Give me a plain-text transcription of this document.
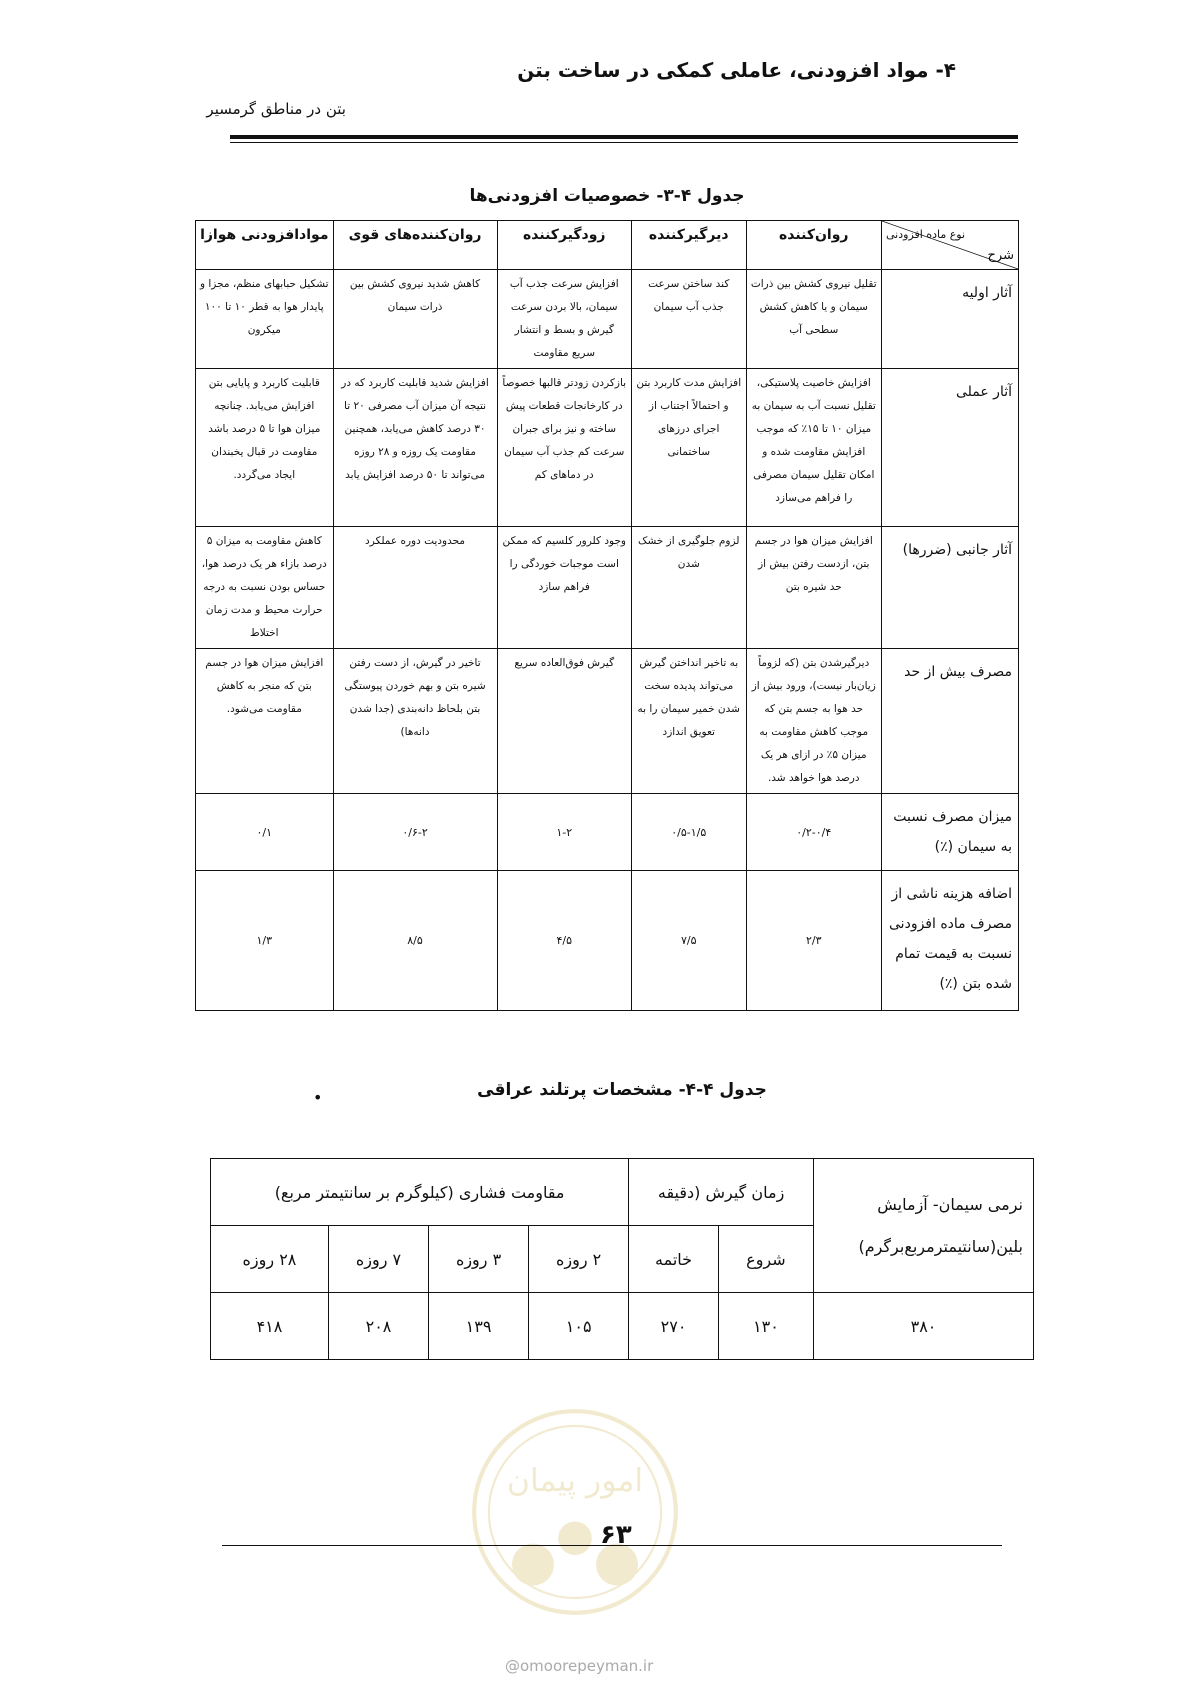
۴- مواد افزودنی، عاملی کمکی در ساخت بتن
بتن در مناطق گرمسیر
جدول ۴-۳- خصوصیات افزودنی‌ها
نوع ماده افزودنی
شرح	روان‌کننده	دیرگیرکننده	زودگیرکننده	روان‌کننده‌های قوی	موادافزودنی هوازا
آثار اولیه	تقلیل نیروی کشش بین ذرات سیمان و یا کاهش کشش سطحی آب	کند ساختن سرعت جذب آب سیمان	افزایش سرعت جذب آب سیمان، بالا بردن سرعت گیرش و بسط و انتشار سریع مقاومت	کاهش شدید نیروی کشش بین ذرات سیمان	تشکیل حبابهای منظم، مجزا و پایدار هوا به قطر ۱۰ تا ۱۰۰ میکرون
آثار عملی	افزایش خاصیت پلاستیکی، تقلیل نسبت آب به سیمان به میزان ۱۰ تا ۱۵٪ که موجب افزایش مقاومت شده و امکان تقلیل سیمان مصرفی را فراهم می‌سازد	افزایش مدت کاربرد بتن و احتمالاً اجتناب از اجرای درزهای ساختمانی	بازکردن زودتر قالبها خصوصاً در کارخانجات قطعات پیش ساخته و نیز برای جبران سرعت کم جذب آب سیمان در دماهای کم	افزایش شدید قابلیت کاربرد که در نتیجه آن میزان آب مصرفی ۲۰ تا ۳۰ درصد کاهش می‌یابد، همچنین مقاومت یک روزه و ۲۸ روزه می‌تواند تا ۵۰ درصد افزایش یابد	قابلیت کاربرد و پایایی بتن افزایش می‌یابد. چنانچه میزان هوا تا ۵ درصد باشد مقاومت در قبال یخبندان ایجاد می‌گردد.
آثار جانبی (ضررها)	افزایش میزان هوا در جسم بتن، ازدست رفتن بیش از حد شیره بتن	لزوم جلوگیری از خشک شدن	وجود کلرور کلسیم که ممکن است موجبات خوردگی را فراهم سازد	محدودیت دوره عملکرد	کاهش مقاومت به میزان ۵ درصد بازاء هر یک درصد هوا، حساس بودن نسبت به درجه حرارت محیط و مدت زمان اختلاط
مصرف بیش از حد	دیرگیرشدن بتن (که لزوماً زیان‌بار نیست)، ورود بیش از حد هوا به جسم بتن که موجب کاهش مقاومت به میزان ۵٪ در ازای هر یک درصد هوا خواهد شد.	به تاخیر انداختن گیرش می‌تواند پدیده سخت شدن خمیر سیمان را به تعویق اندازد	گیرش فوق‌العاده سریع	تاخیر در گیرش، از دست رفتن شیره بتن و بهم خوردن پیوستگی بتن بلحاظ دانه‌بندی (جدا شدن دانه‌ها)	افزایش میزان هوا در جسم بتن که منجر به کاهش مقاومت می‌شود.
میزان مصرف نسبت به سیمان (٪)	۰/۲-۰/۴	۰/۵-۱/۵	۱-۲	۰/۶-۲	۰/۱
اضافه هزینه ناشی از مصرف ماده افزودنی نسبت به قیمت تمام شده بتن (٪)	۲/۳	۷/۵	۴/۵	۸/۵	۱/۳
•	جدول ۴-۴- مشخصات پرتلند عراقی
نرمی سیمان- آزمایش بلین(سانتیمترمربع‌برگرم)	زمان گیرش (دقیقه		مقاومت فشاری (کیلوگرم بر سانتیمتر مربع)			
	شروع	خاتمه	۲ روزه	۳ روزه	۷ روزه	۲۸ روزه
۳۸۰	۱۳۰	۲۷۰	۱۰۵	۱۳۹	۲۰۸	۴۱۸
امور پیمان
۶۳
@omoorepeyman.ir
